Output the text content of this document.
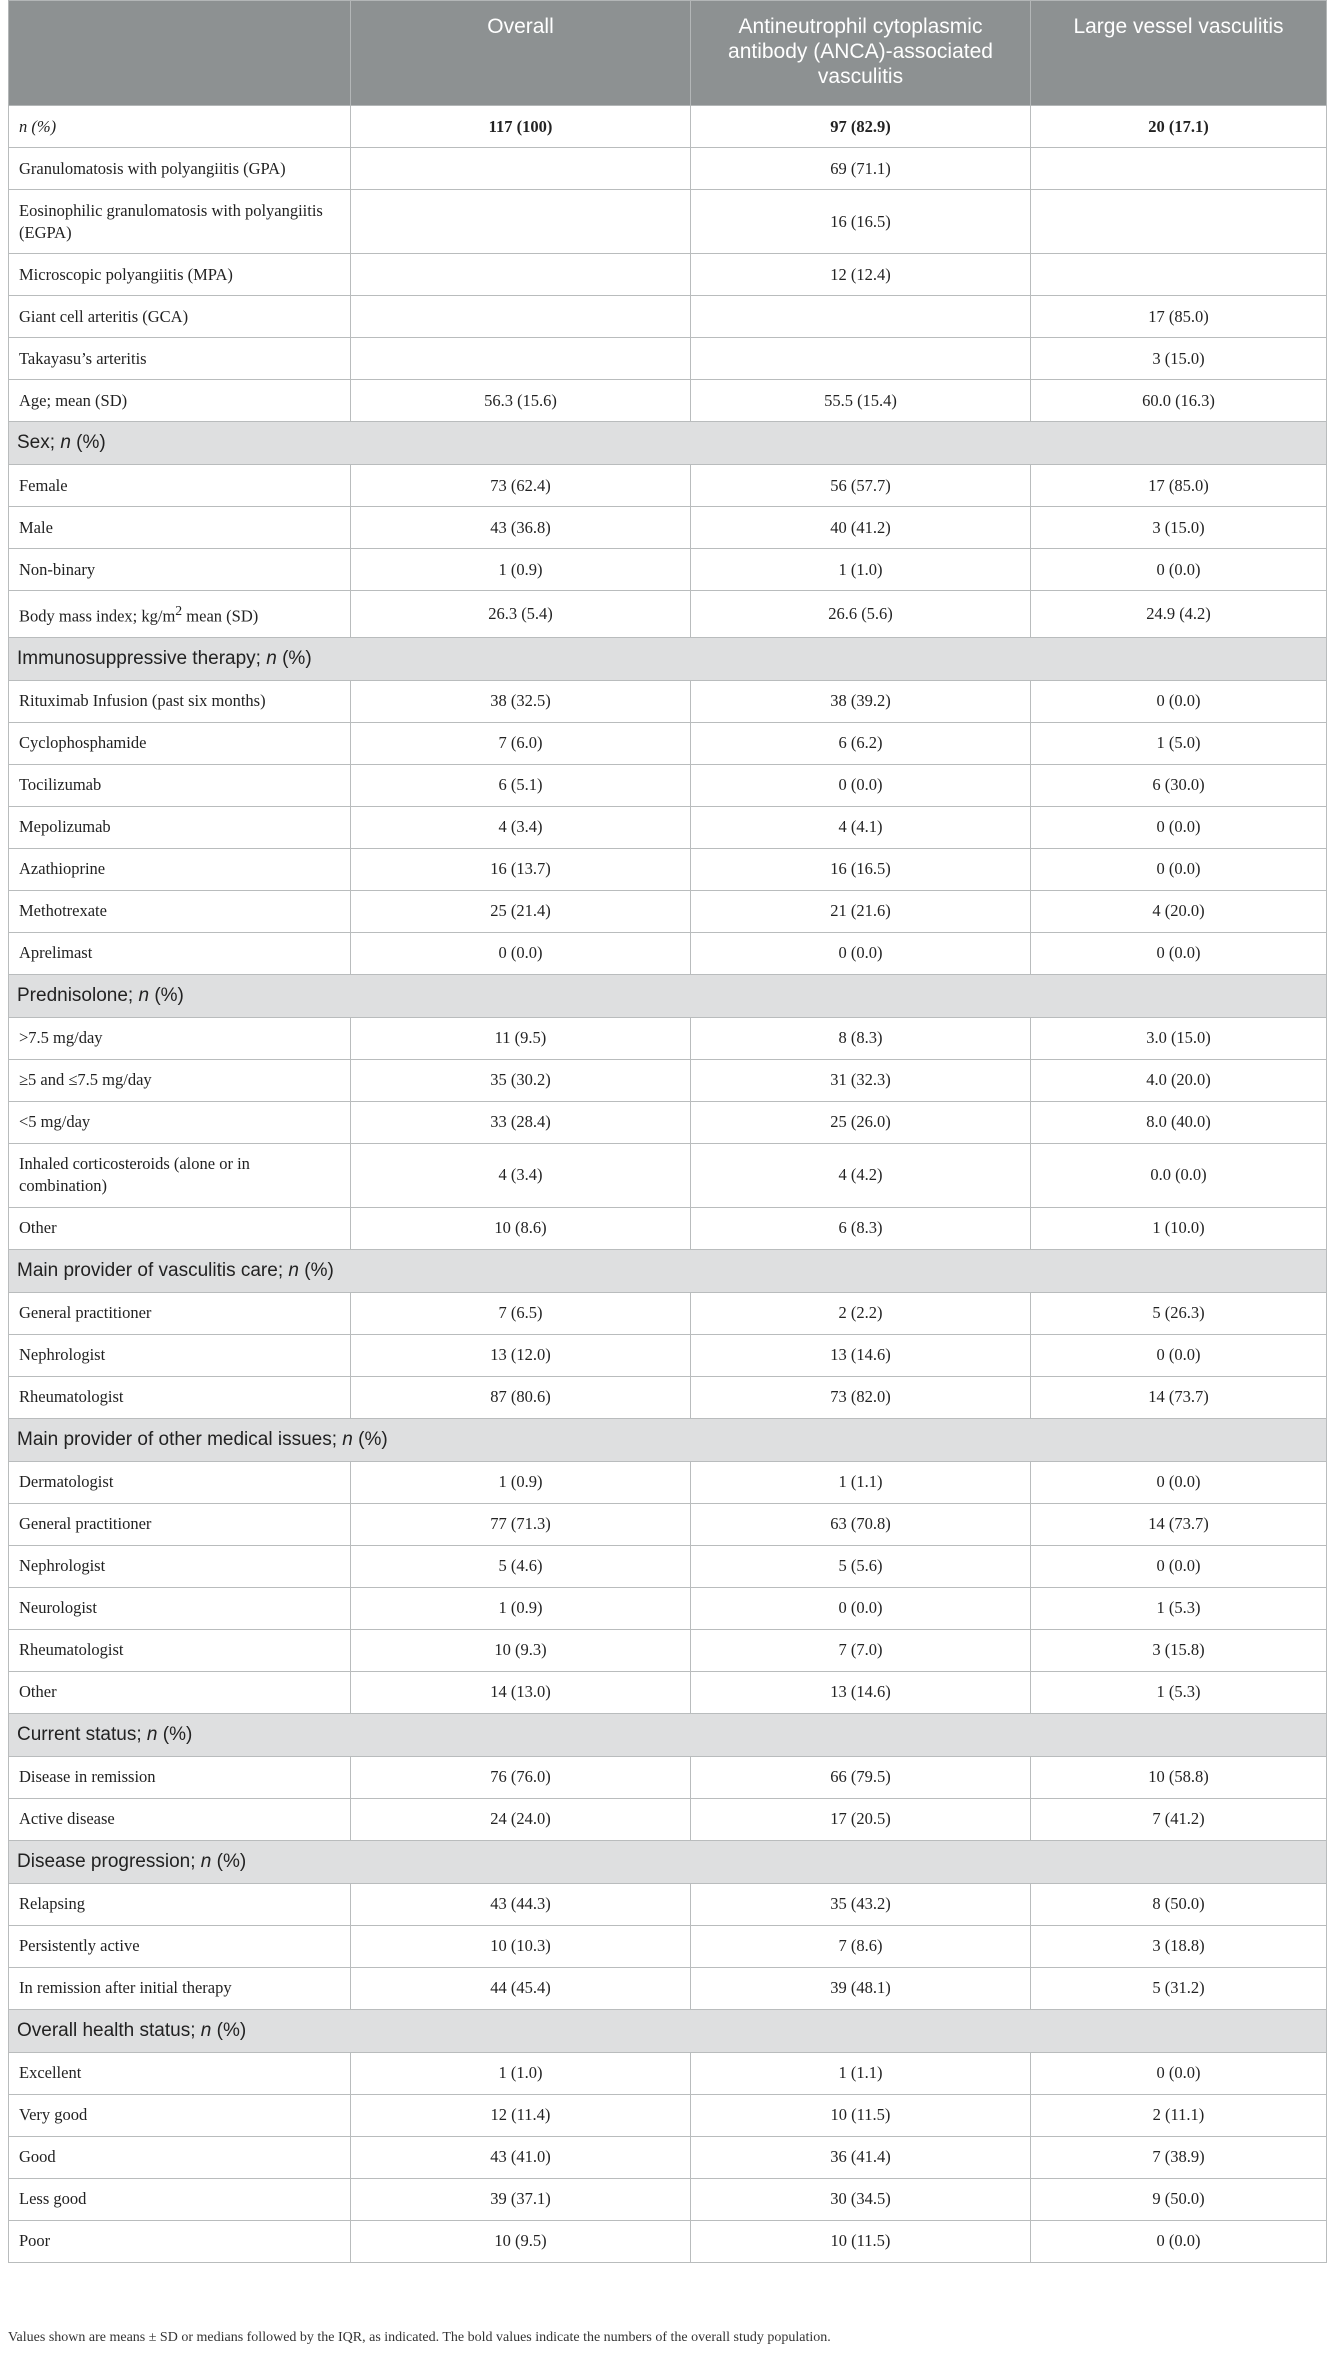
	Overall	Antineutrophil cytoplasmic antibody (ANCA)-associated vasculitis	Large vessel vasculitis
n (%)	117 (100)	97 (82.9)	20 (17.1)
Granulomatosis with polyangiitis (GPA)		69 (71.1)	
Eosinophilic granulomatosis with polyangiitis (EGPA)		16 (16.5)	
Microscopic polyangiitis (MPA)		12 (12.4)	
Giant cell arteritis (GCA)			17 (85.0)
Takayasu’s arteritis			3 (15.0)
Age; mean (SD)	56.3 (15.6)	55.5 (15.4)	60.0 (16.3)
Sex; n (%)			
Female	73 (62.4)	56 (57.7)	17 (85.0)
Male	43 (36.8)	40 (41.2)	3 (15.0)
Non-binary	1 (0.9)	1 (1.0)	0 (0.0)
Body mass index; $kg/m^2$ mean (SD)	26.3 (5.4)	26.6 (5.6)	24.9 (4.2)
Immunosuppressive therapy; n (%)			
Rituximab Infusion (past six months)	38 (32.5)	38 (39.2)	0 (0.0)
Cyclophosphamide	7 (6.0)	6 (6.2)	1 (5.0)
Tocilizumab	6 (5.1)	0 (0.0)	6 (30.0)
Mepolizumab	4 (3.4)	4 (4.1)	0 (0.0)
Azathioprine	16 (13.7)	16 (16.5)	0 (0.0)
Methotrexate	25 (21.4)	21 (21.6)	4 (20.0)
Aprelimast	0 (0.0)	0 (0.0)	0 (0.0)
Prednisolone; n (%)			
>7.5 mg/day	11 (9.5)	8 (8.3)	3.0 (15.0)
≥5 and ≤7.5 mg/day	35 (30.2)	31 (32.3)	4.0 (20.0)
<5 mg/day	33 (28.4)	25 (26.0)	8.0 (40.0)
Inhaled corticosteroids (alone or in combination)	4 (3.4)	4 (4.2)	0.0 (0.0)
Other	10 (8.6)	6 (8.3)	1 (10.0)
Main provider of vasculitis care; n (%)			
General practitioner	7 (6.5)	2 (2.2)	5 (26.3)
Nephrologist	13 (12.0)	13 (14.6)	0 (0.0)
Rheumatologist	87 (80.6)	73 (82.0)	14 (73.7)
Main provider of other medical issues; n (%)			
Dermatologist	1 (0.9)	1 (1.1)	0 (0.0)
General practitioner	77 (71.3)	63 (70.8)	14 (73.7)
Nephrologist	5 (4.6)	5 (5.6)	0 (0.0)
Neurologist	1 (0.9)	0 (0.0)	1 (5.3)
Rheumatologist	10 (9.3)	7 (7.0)	3 (15.8)
Other	14 (13.0)	13 (14.6)	1 (5.3)
Current status; n (%)			
Disease in remission	76 (76.0)	66 (79.5)	10 (58.8)
Active disease	24 (24.0)	17 (20.5)	7 (41.2)
Disease progression; n (%)			
Relapsing	43 (44.3)	35 (43.2)	8 (50.0)
Persistently active	10 (10.3)	7 (8.6)	3 (18.8)
In remission after initial therapy	44 (45.4)	39 (48.1)	5 (31.2)
Overall health status; n (%)			
Excellent	1 (1.0)	1 (1.1)	0 (0.0)
Very good	12 (11.4)	10 (11.5)	2 (11.1)
Good	43 (41.0)	36 (41.4)	7 (38.9)
Less good	39 (37.1)	30 (34.5)	9 (50.0)
Poor	10 (9.5)	10 (11.5)	0 (0.0)
Values shown are means ± SD or medians followed by the IQR, as indicated. The bold values indicate the numbers of the overall study population.
